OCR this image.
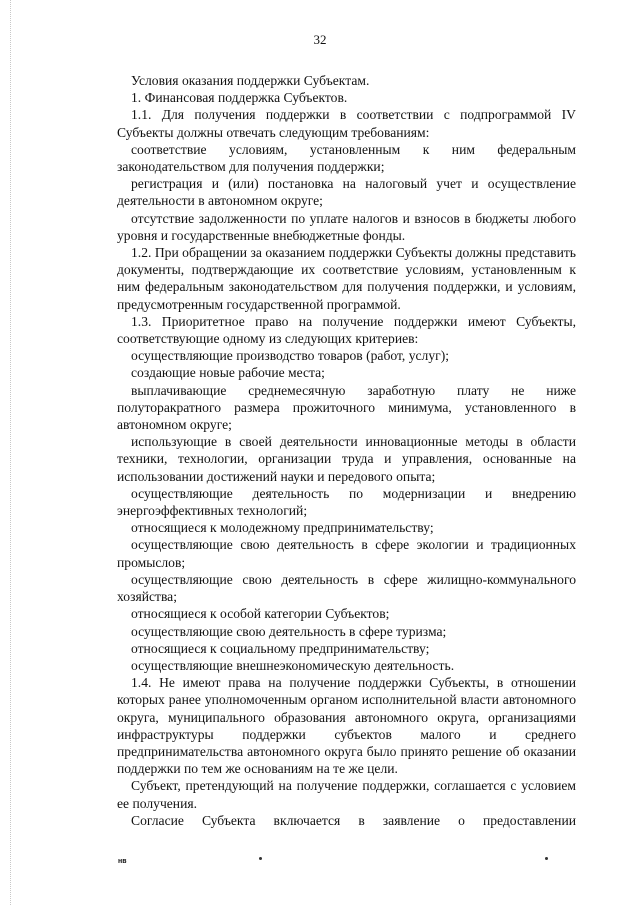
32

Условия оказания поддержки Субъектам.

1. Финансовая поддержка Субъектов.

1.1. Для получения поддержки в соответствии с подпрограммой IV Субъекты должны отвечать следующим требованиям:

соответствие условиям, установленным к ним федеральным законодательством для получения поддержки;

регистрация и (или) постановка на налоговый учет и осуществление деятельности в автономном округе;

отсутствие задолженности по уплате налогов и взносов в бюджеты любого уровня и государственные внебюджетные фонды.

1.2. При обращении за оказанием поддержки Субъекты должны представить документы, подтверждающие их соответствие условиям, установленным к ним федеральным законодательством для получения поддержки, и условиям, предусмотренным государственной программой.

1.3. Приоритетное право на получение поддержки имеют Субъекты, соответствующие одному из следующих критериев:

осуществляющие производство товаров (работ, услуг);

создающие новые рабочие места;

выплачивающие среднемесячную заработную плату не ниже полуторакратного размера прожиточного минимума, установленного в автономном округе;

использующие в своей деятельности инновационные методы в области техники, технологии, организации труда и управления, основанные на использовании достижений науки и передового опыта;

осуществляющие деятельность по модернизации и внедрению энергоэффективных технологий;

относящиеся к молодежному предпринимательству;

осуществляющие свою деятельность в сфере экологии и традиционных промыслов;

осуществляющие свою деятельность в сфере жилищно-коммунального хозяйства;

относящиеся к особой категории Субъектов;

осуществляющие свою деятельность в сфере туризма;

относящиеся к социальному предпринимательству;

осуществляющие внешнеэкономическую деятельность.

1.4. Не имеют права на получение поддержки Субъекты, в отношении которых ранее уполномоченным органом исполнительной власти автономного округа, муниципального образования автономного округа, организациями инфраструктуры поддержки субъектов малого и среднего предпринимательства автономного округа было принято решение об оказании поддержки по тем же основаниям на те же цели.

Субъект, претендующий на получение поддержки, соглашается с условием ее получения.

Согласие Субъекта включается в заявление о предоставлении

нв
